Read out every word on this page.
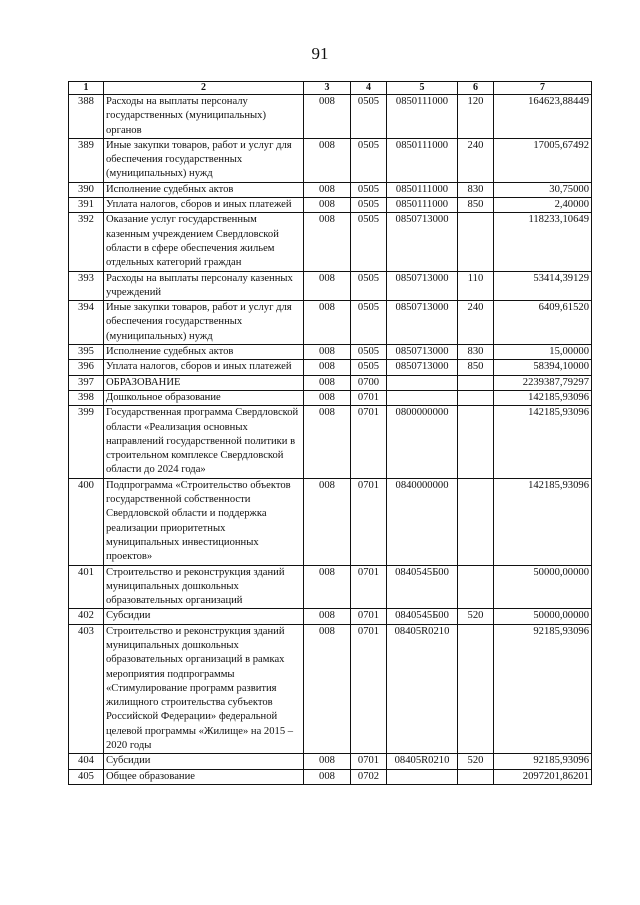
91
1	2	3	4	5	6	7
388	Расходы на выплаты персоналу государственных (муниципальных) органов	008	0505	0850111000	120	164623,88449
389	Иные закупки товаров, работ и услуг для обеспечения государственных (муниципальных) нужд	008	0505	0850111000	240	17005,67492
390	Исполнение судебных актов	008	0505	0850111000	830	30,75000
391	Уплата налогов, сборов и иных платежей	008	0505	0850111000	850	2,40000
392	Оказание услуг государственным казенным учреждением Свердловской области в сфере обеспечения жильем отдельных категорий граждан	008	0505	0850713000		118233,10649
393	Расходы на выплаты персоналу казенных учреждений	008	0505	0850713000	110	53414,39129
394	Иные закупки товаров, работ и услуг для обеспечения государственных (муниципальных) нужд	008	0505	0850713000	240	6409,61520
395	Исполнение судебных актов	008	0505	0850713000	830	15,00000
396	Уплата налогов, сборов и иных платежей	008	0505	0850713000	850	58394,10000
397	ОБРАЗОВАНИЕ	008	0700			2239387,79297
398	Дошкольное образование	008	0701			142185,93096
399	Государственная программа Свердловской области «Реализация основных направлений государственной политики в строительном комплексе Свердловской области до 2024 года»	008	0701	0800000000		142185,93096
400	Подпрограмма «Строительство объектов государственной собственности Свердловской области и поддержка реализации приоритетных муниципальных инвестиционных проектов»	008	0701	0840000000		142185,93096
401	Строительство и реконструкция зданий муниципальных дошкольных образовательных организаций	008	0701	0840545Б00		50000,00000
402	Субсидии	008	0701	0840545Б00	520	50000,00000
403	Строительство и реконструкция зданий муниципальных дошкольных образовательных организаций в рамках мероприятия подпрограммы «Стимулирование программ развития жилищного строительства субъектов Российской Федерации» федеральной целевой программы «Жилище» на 2015 – 2020 годы	008	0701	08405R0210		92185,93096
404	Субсидии	008	0701	08405R0210	520	92185,93096
405	Общее образование	008	0702			2097201,86201
